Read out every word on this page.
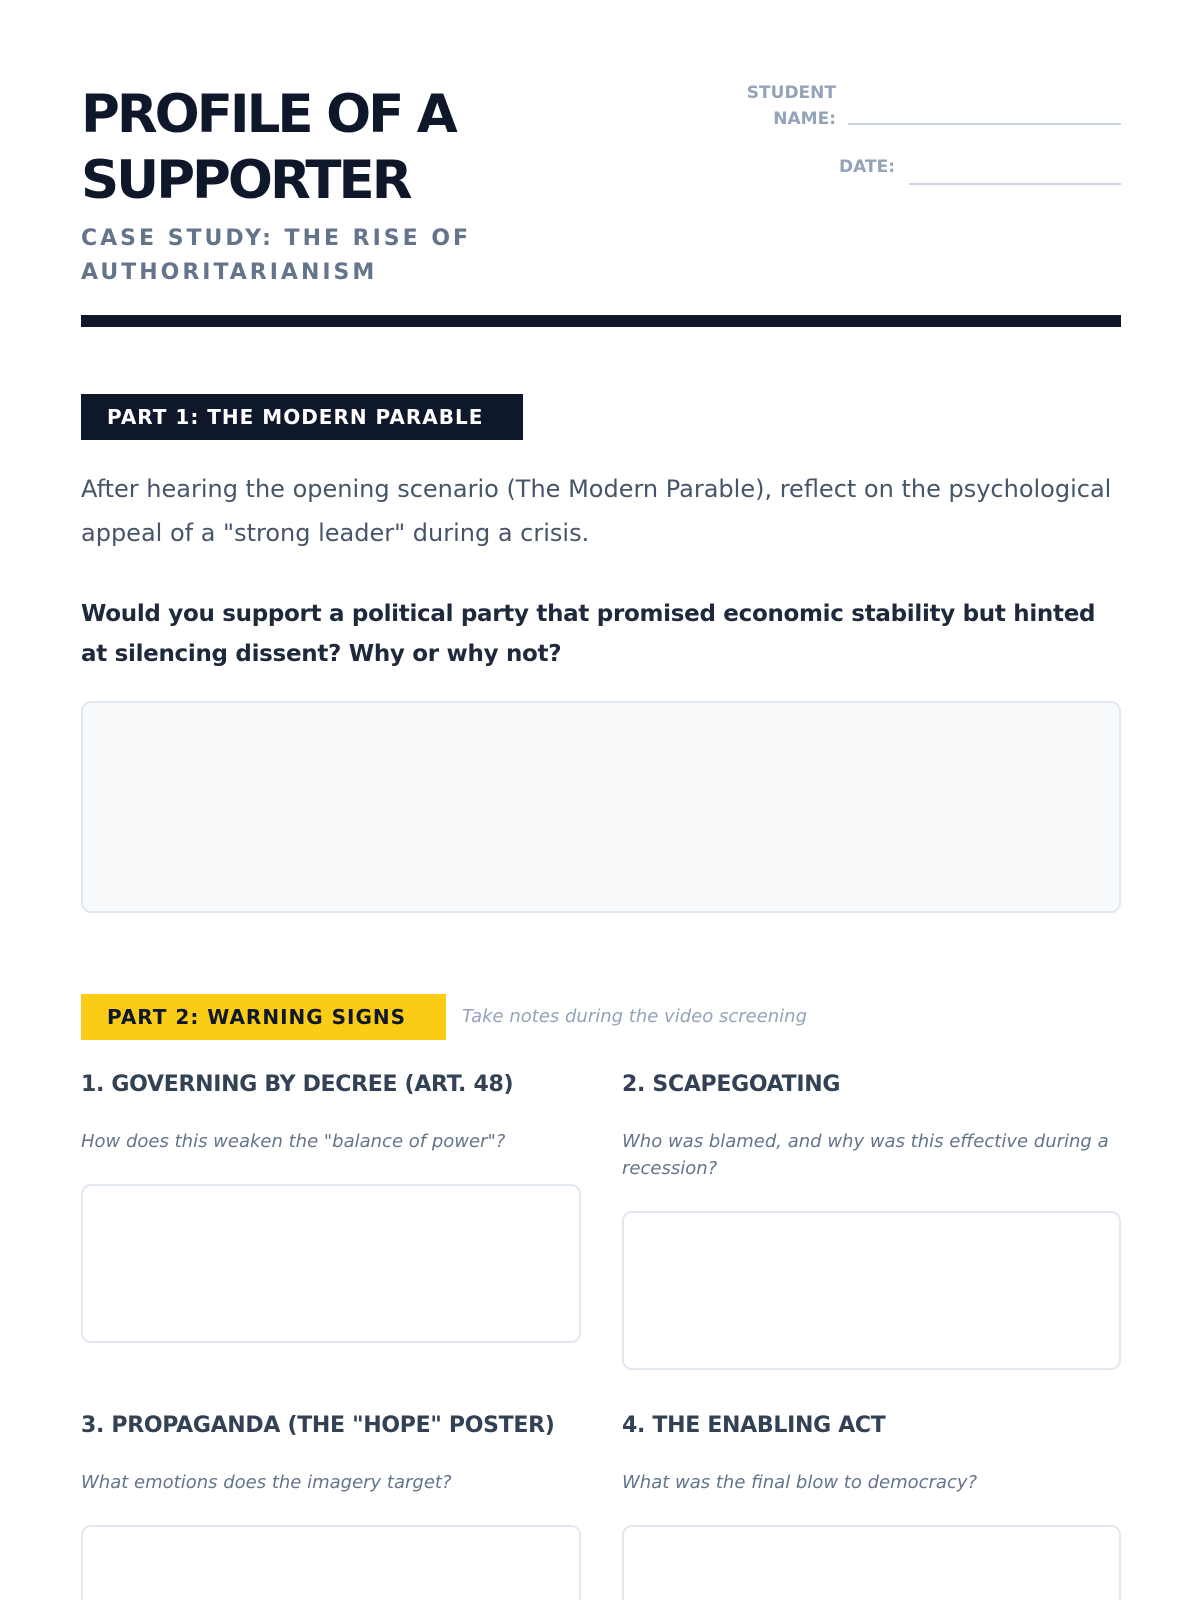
PROFILE OF A SUPPORTER
CASE STUDY: THE RISE OF AUTHORITARIANISM
STUDENT NAME:
DATE:
PART 1: THE MODERN PARABLE
After hearing the opening scenario (The Modern Parable), reflect on the psychological appeal of a "strong leader" during a crisis.
Would you support a political party that promised economic stability but hinted at silencing dissent? Why or why not?
PART 2: WARNING SIGNS	Take notes during the video screening
1. GOVERNING BY DECREE (ART. 48)
How does this weaken the "balance of power"?
2. SCAPEGOATING
Who was blamed, and why was this effective during a recession?
3. PROPAGANDA (THE "HOPE" POSTER)
What emotions does the imagery target?
4. THE ENABLING ACT
What was the final blow to democracy?
